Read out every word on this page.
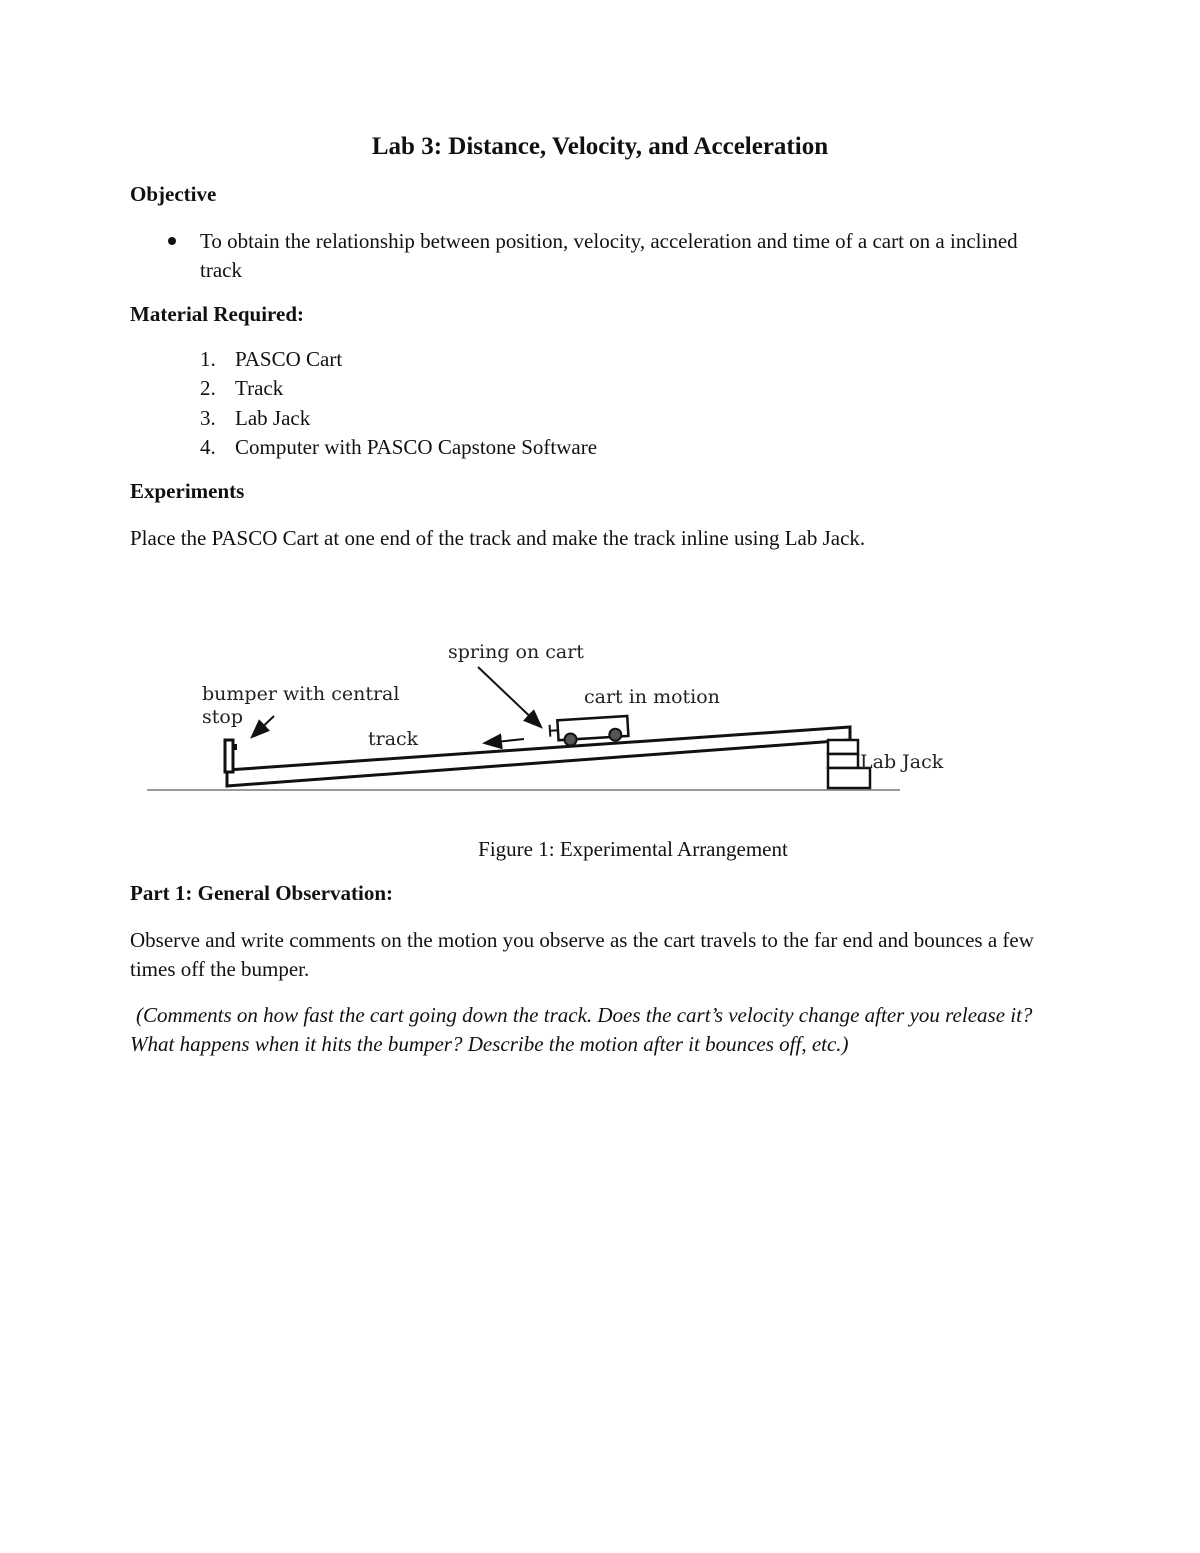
Lab 3: Distance, Velocity, and Acceleration
Objective
To obtain the relationship between position, velocity, acceleration and time of a cart on a inclined track
Material Required:
1. PASCO Cart
2. Track
3. Lab Jack
4. Computer with PASCO Capstone Software
Experiments

Place the PASCO Cart at one end of the track and make the track inline using Lab Jack.

spring on cart
bumper with central
stop
cart in motion
track
Lab Jack
Figure 1: Experimental Arrangement
Part 1: General Observation:

Observe and write comments on the motion you observe as the cart travels to the far end and bounces a few times off the bumper.

(Comments on how fast the cart going down the track. Does the cart’s velocity change after you release it? What happens when it hits the bumper? Describe the motion after it bounces off, etc.)
